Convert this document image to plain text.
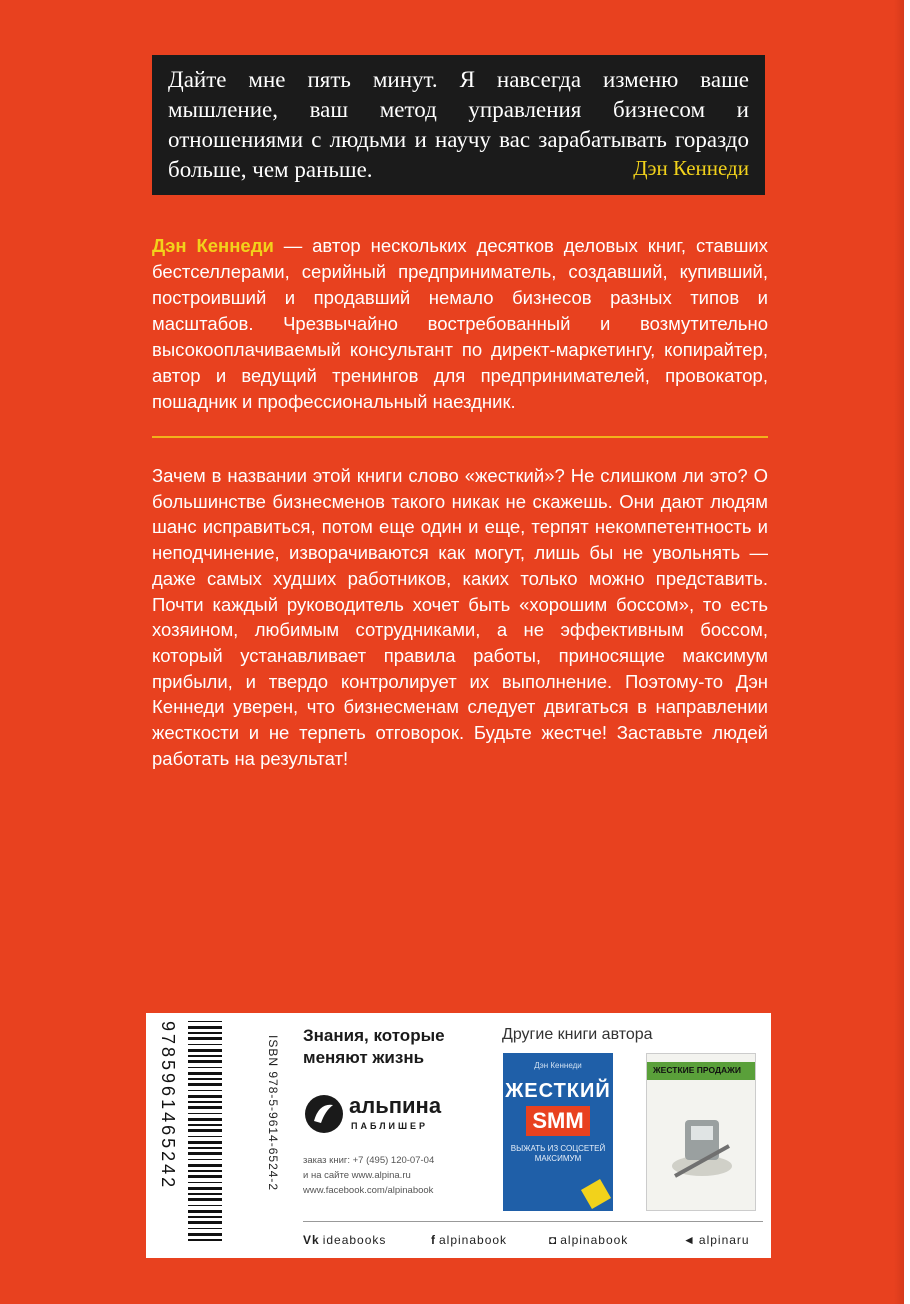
Дайте мне пять минут. Я навсегда изменю ваше мышление, ваш метод управления бизнесом и отношениями с людьми и научу вас зарабатывать гораздо больше, чем раньше.	Дэн Кеннеди

Дэн Кеннеди — автор нескольких десятков деловых книг, ставших бестселлерами, серийный предприниматель, создавший, купивший, построивший и продавший немало бизнесов разных типов и масштабов. Чрезвычайно востребованный и возмутительно высокооплачиваемый консультант по директ-маркетингу, копирайтер, автор и ведущий тренингов для предпринимателей, провокатор, пошадник и профессиональный наездник.

Зачем в названии этой книги слово «жесткий»? Не слишком ли это? О большинстве бизнесменов такого никак не скажешь. Они дают людям шанс исправиться, потом еще один и еще, терпят некомпетентность и неподчинение, изворачиваются как могут, лишь бы не увольнять — даже самых худших работников, каких только можно представить. Почти каждый руководитель хочет быть «хорошим боссом», то есть хозяином, любимым сотрудниками, а не эффективным боссом, который устанавливает правила работы, приносящие максимум прибыли, и твердо контролирует их выполнение. Поэтому-то Дэн Кеннеди уверен, что бизнесменам следует двигаться в направлении жесткости и не терпеть отговорок. Будьте жестче! Заставьте людей работать на результат!

9785961465242	ISBN 978-5-9614-6524-2 Знания, которые меняют жизнь
альпина
ПАБЛИШЕР
заказ книг: +7 (495) 120-07-04
и на сайте www.alpina.ru
www.facebook.com/alpinabook
Другие книги автора
Дэн Кеннеди
ЖЕСТКИЙ
SMM
ВЫЖАТЬ ИЗ СОЦСЕТЕЙ МАКСИМУМ
ЖЕСТКИЕ ПРОДАЖИ
Vk ideabooks	f alpinabook	◘ alpinabook	◄ alpinaru
